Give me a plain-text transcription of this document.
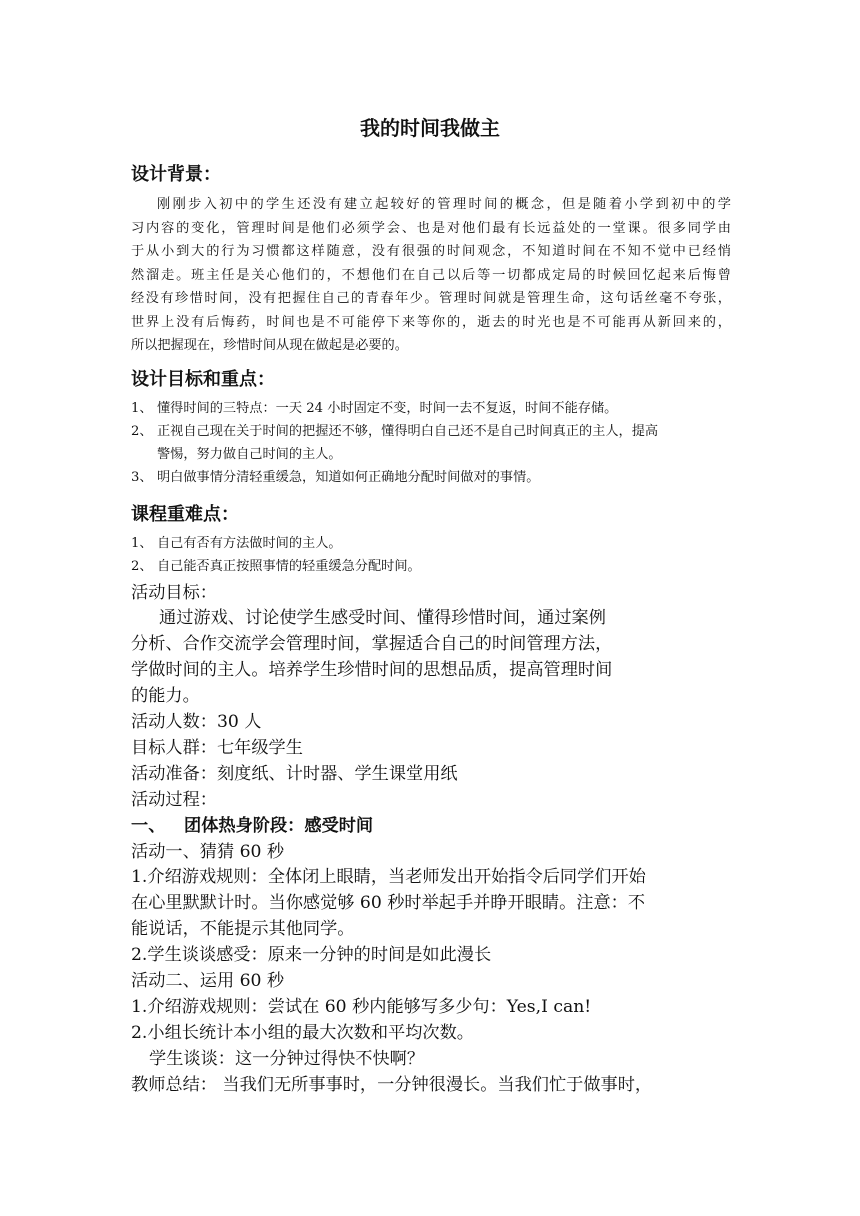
我的时间我做主
设计背景：
刚刚步入初中的学生还没有建立起较好的管理时间的概念，但是随着小学到初中的学
习内容的变化，管理时间是他们必须学会、也是对他们最有长远益处的一堂课。很多同学由
于从小到大的行为习惯都这样随意，没有很强的时间观念，不知道时间在不知不觉中已经悄
然溜走。班主任是关心他们的，不想他们在自己以后等一切都成定局的时候回忆起来后悔曾
经没有珍惜时间，没有把握住自己的青春年少。管理时间就是管理生命，这句话丝毫不夸张，
世界上没有后悔药，时间也是不可能停下来等你的，逝去的时光也是不可能再从新回来的，
所以把握现在，珍惜时间从现在做起是必要的。
设计目标和重点：
1、 懂得时间的三特点：一天 24 小时固定不变，时间一去不复返，时间不能存储。
2、 正视自己现在关于时间的把握还不够，懂得明白自己还不是自己时间真正的主人，提高
警惕，努力做自己时间的主人。
3、 明白做事情分清轻重缓急，知道如何正确地分配时间做对的事情。
课程重难点：
1、 自己有否有方法做时间的主人。
2、 自己能否真正按照事情的轻重缓急分配时间。
活动目标：
通过游戏、讨论使学生感受时间、懂得珍惜时间，通过案例
分析、合作交流学会管理时间，掌握适合自己的时间管理方法，
学做时间的主人。培养学生珍惜时间的思想品质，提高管理时间
的能力。
活动人数：30 人
目标人群：七年级学生
活动准备：刻度纸、计时器、学生课堂用纸
活动过程：
一、 团体热身阶段：感受时间
活动一、猜猜 60 秒
1.介绍游戏规则：全体闭上眼睛，当老师发出开始指令后同学们开始
在心里默默计时。当你感觉够 60 秒时举起手并睁开眼睛。注意：不
能说话，不能提示其他同学。
2.学生谈谈感受：原来一分钟的时间是如此漫长
活动二、运用 60 秒
1.介绍游戏规则：尝试在 60 秒内能够写多少句：Yes,I can!
2.小组长统计本小组的最大次数和平均次数。
学生谈谈：这一分钟过得快不快啊？
教师总结： 当我们无所事事时，一分钟很漫长。当我们忙于做事时，
